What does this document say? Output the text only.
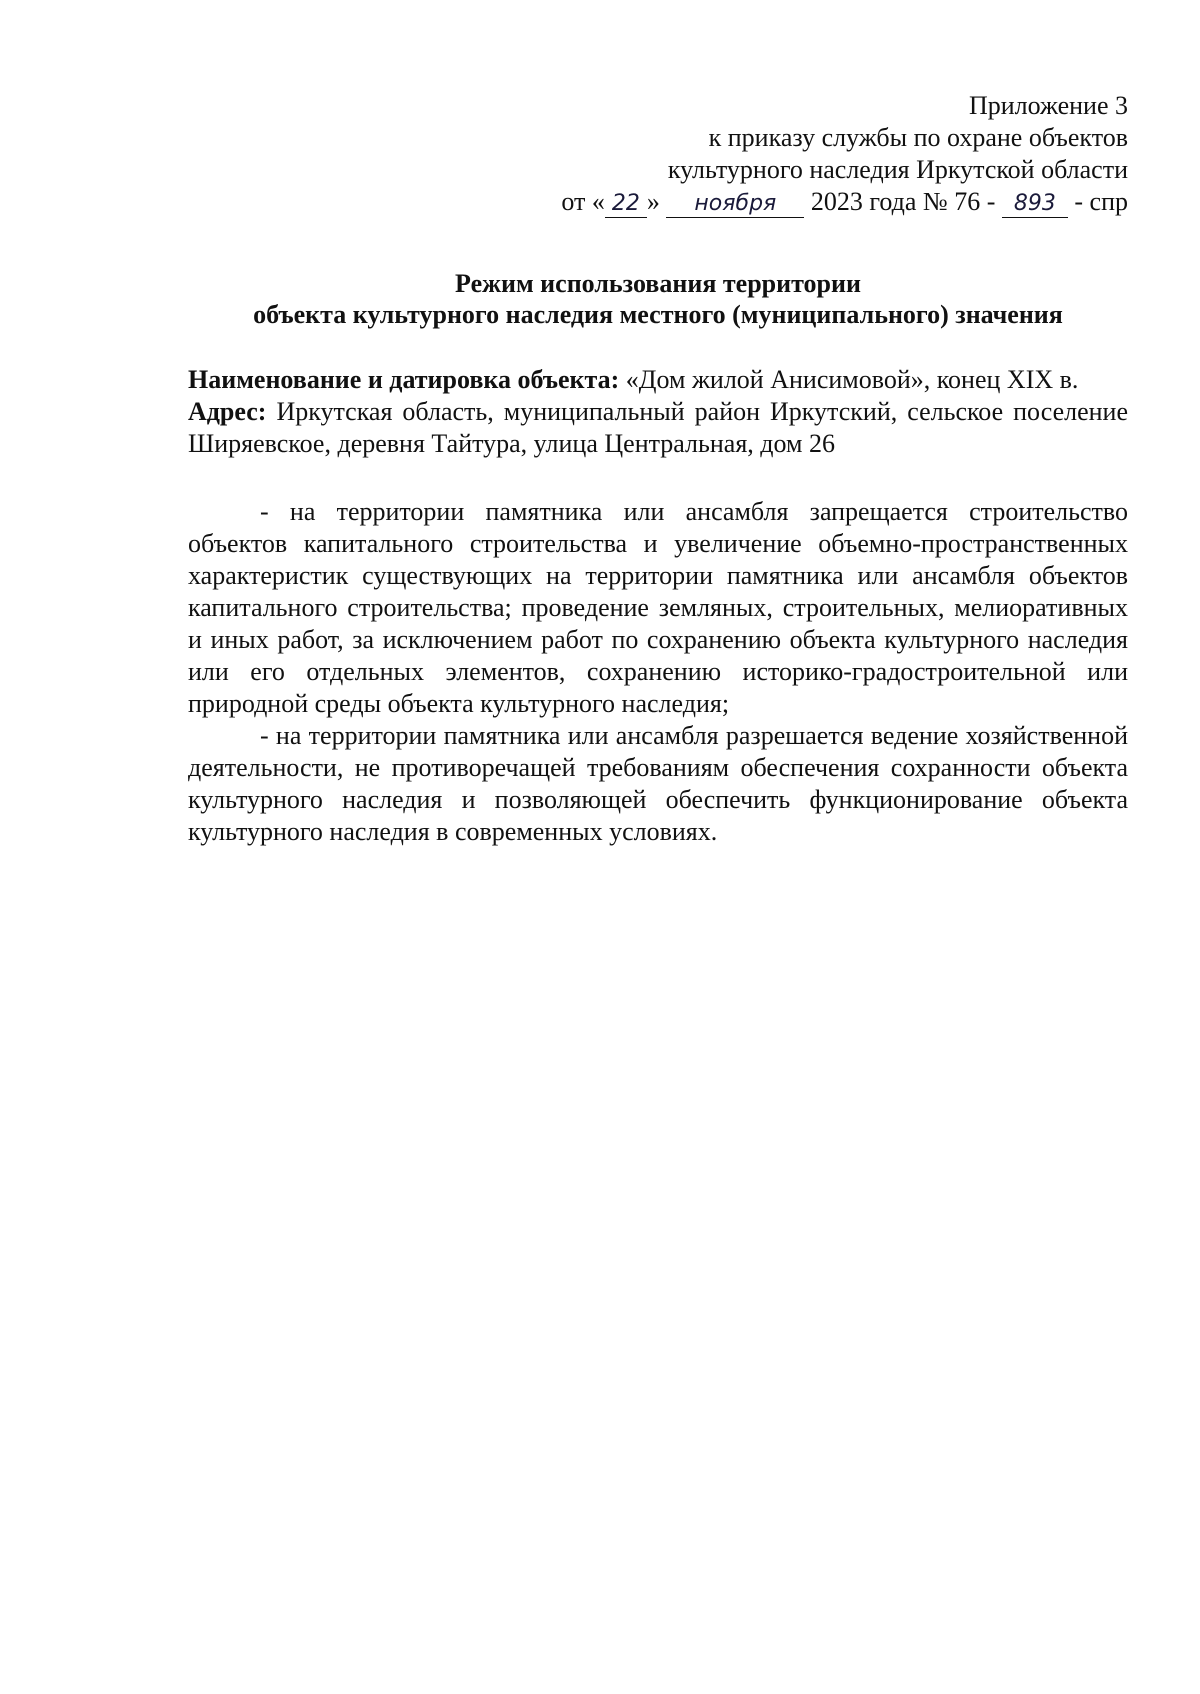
Приложение 3
к приказу службы по охране объектов
культурного наследия Иркутской области
от « 22 » ноября 2023 года № 76 - 893 - спр
Режим использования территории
объекта культурного наследия местного (муниципального) значения

Наименование и датировка объекта: «Дом жилой Анисимовой», конец XIX в.

Адрес: Иркутская область, муниципальный район Иркутский, сельское поселение Ширяевское, деревня Тайтура, улица Центральная, дом 26

- на территории памятника или ансамбля запрещается строительство объектов капитального строительства и увеличение объемно-пространственных характеристик существующих на территории памятника или ансамбля объектов капитального строительства; проведение земляных, строительных, мелиоративных и иных работ, за исключением работ по сохранению объекта культурного наследия или его отдельных элементов, сохранению историко-градостроительной или природной среды объекта культурного наследия;

- на территории памятника или ансамбля разрешается ведение хозяйственной деятельности, не противоречащей требованиям обеспечения сохранности объекта культурного наследия и позволяющей обеспечить функционирование объекта культурного наследия в современных условиях.
